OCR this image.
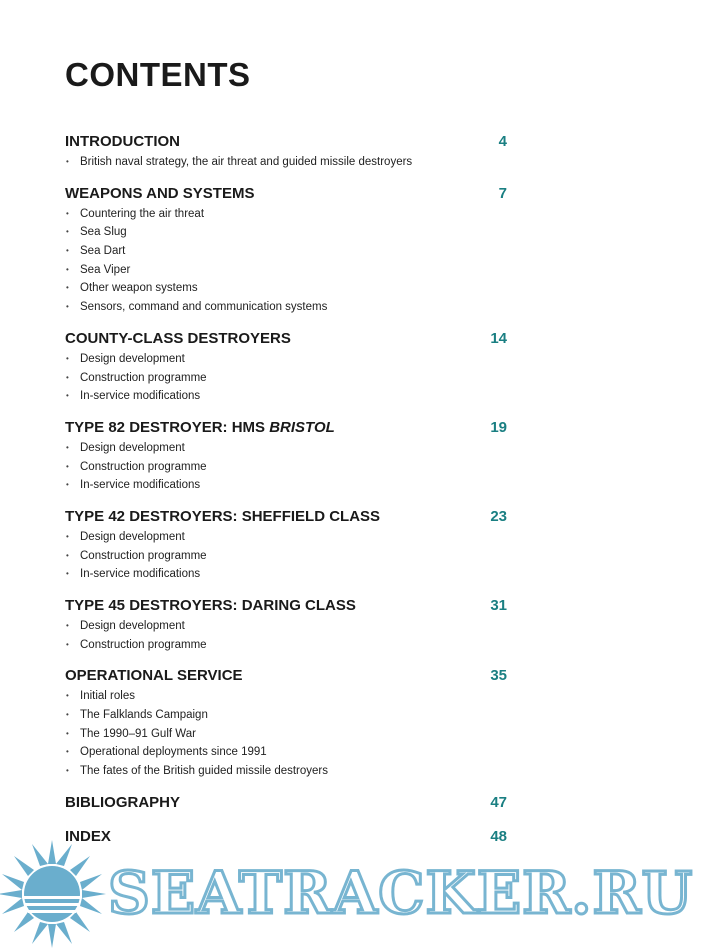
CONTENTS
INTRODUCTION	4
• British naval strategy, the air threat and guided missile destroyers
WEAPONS AND SYSTEMS	7
• Countering the air threat
• Sea Slug
• Sea Dart
• Sea Viper
• Other weapon systems
• Sensors, command and communication systems
COUNTY-CLASS DESTROYERS	14
• Design development
• Construction programme
• In-service modifications
TYPE 82 DESTROYER: HMS BRISTOL	19
• Design development
• Construction programme
• In-service modifications
TYPE 42 DESTROYERS: SHEFFIELD CLASS	23
• Design development
• Construction programme
• In-service modifications
TYPE 45 DESTROYERS: DARING CLASS	31
• Design development
• Construction programme
OPERATIONAL SERVICE	35
• Initial roles
• The Falklands Campaign
• The 1990–91 Gulf War
• Operational deployments since 1991
• The fates of the British guided missile destroyers
BIBLIOGRAPHY	47
INDEX	48

SEATRACKER.RU
